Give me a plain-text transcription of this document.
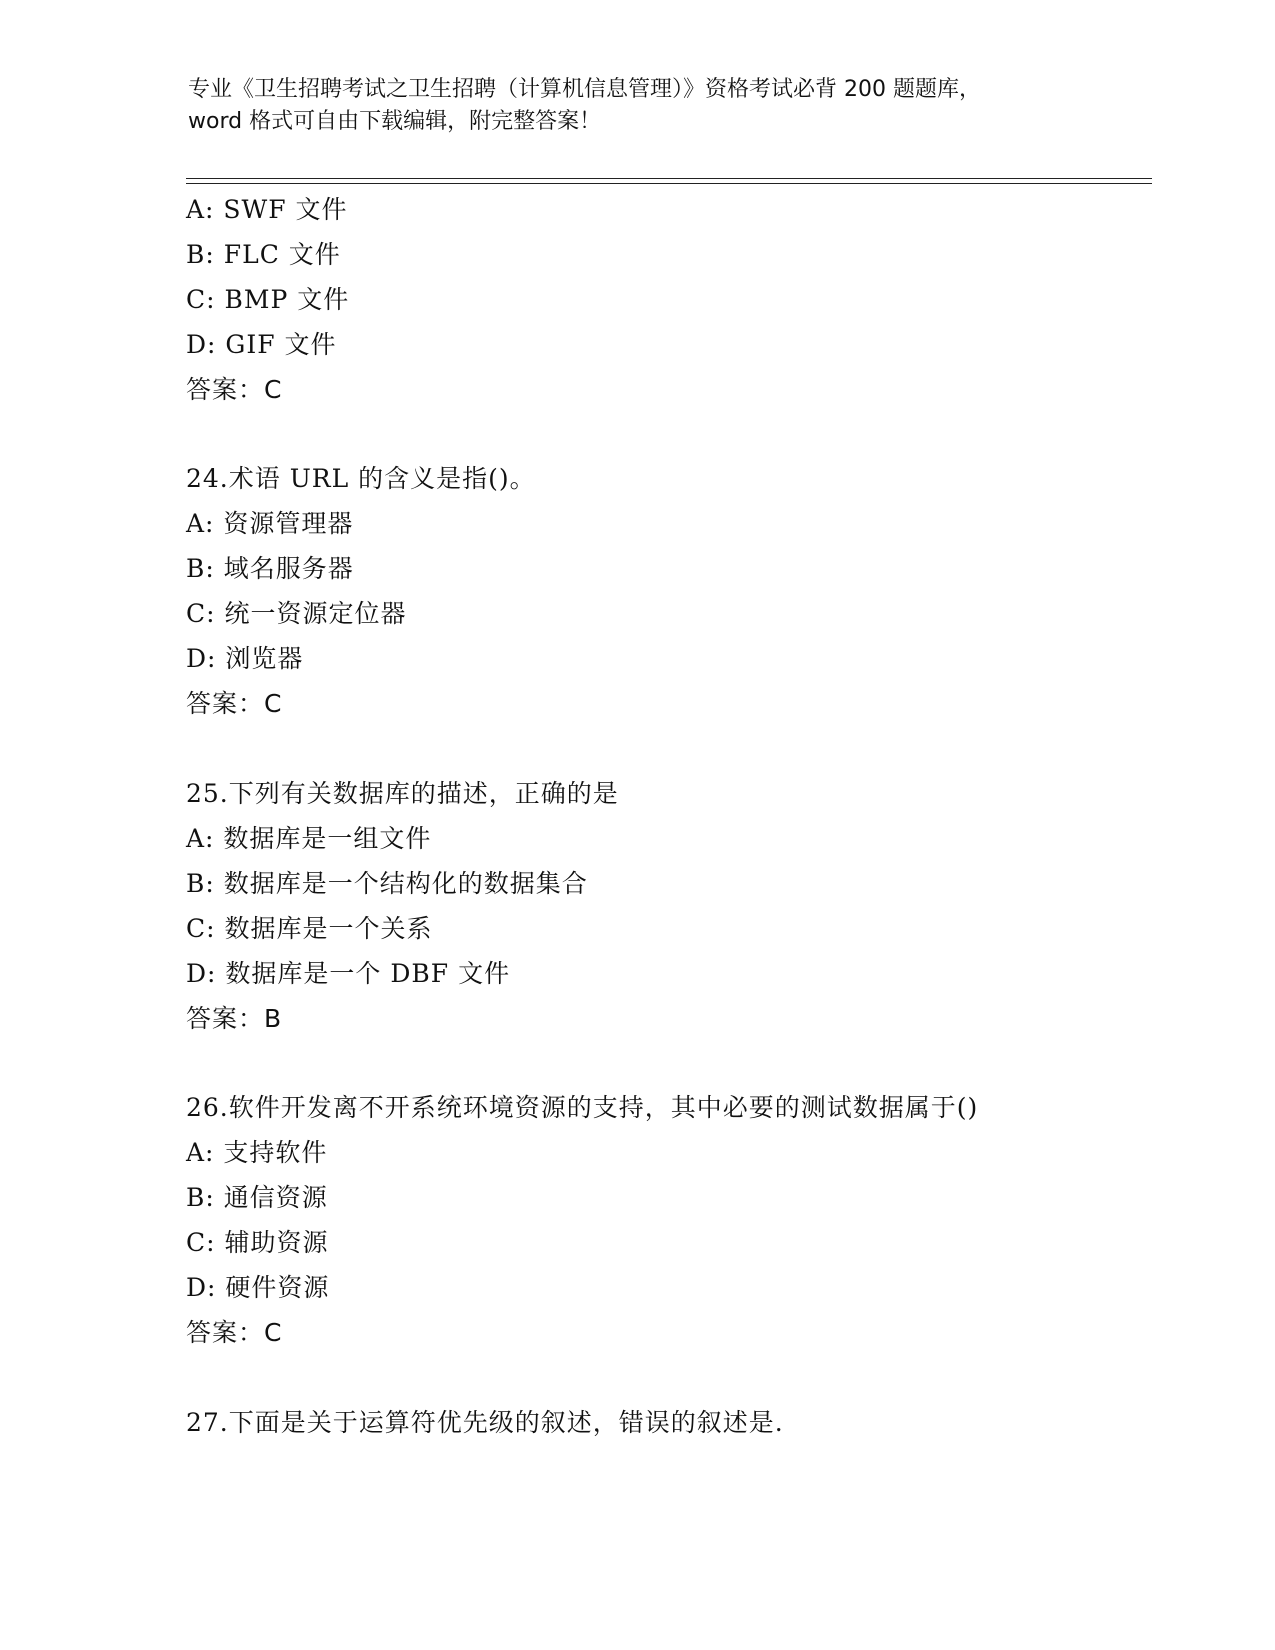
专业《卫生招聘考试之卫生招聘（计算机信息管理）》资格考试必背 200 题题库，
word 格式可自由下载编辑，附完整答案！
A: SWF 文件
B: FLC 文件
C: BMP 文件
D: GIF 文件
答案：C
24.术语 URL 的含义是指()。
A: 资源管理器
B: 域名服务器
C: 统一资源定位器
D: 浏览器
答案：C
25.下列有关数据库的描述，正确的是
A: 数据库是一组文件
B: 数据库是一个结构化的数据集合
C: 数据库是一个关系
D: 数据库是一个 DBF 文件
答案：B
26.软件开发离不开系统环境资源的支持，其中必要的测试数据属于()
A: 支持软件
B: 通信资源
C: 辅助资源
D: 硬件资源
答案：C
27.下面是关于运算符优先级的叙述，错误的叙述是.
